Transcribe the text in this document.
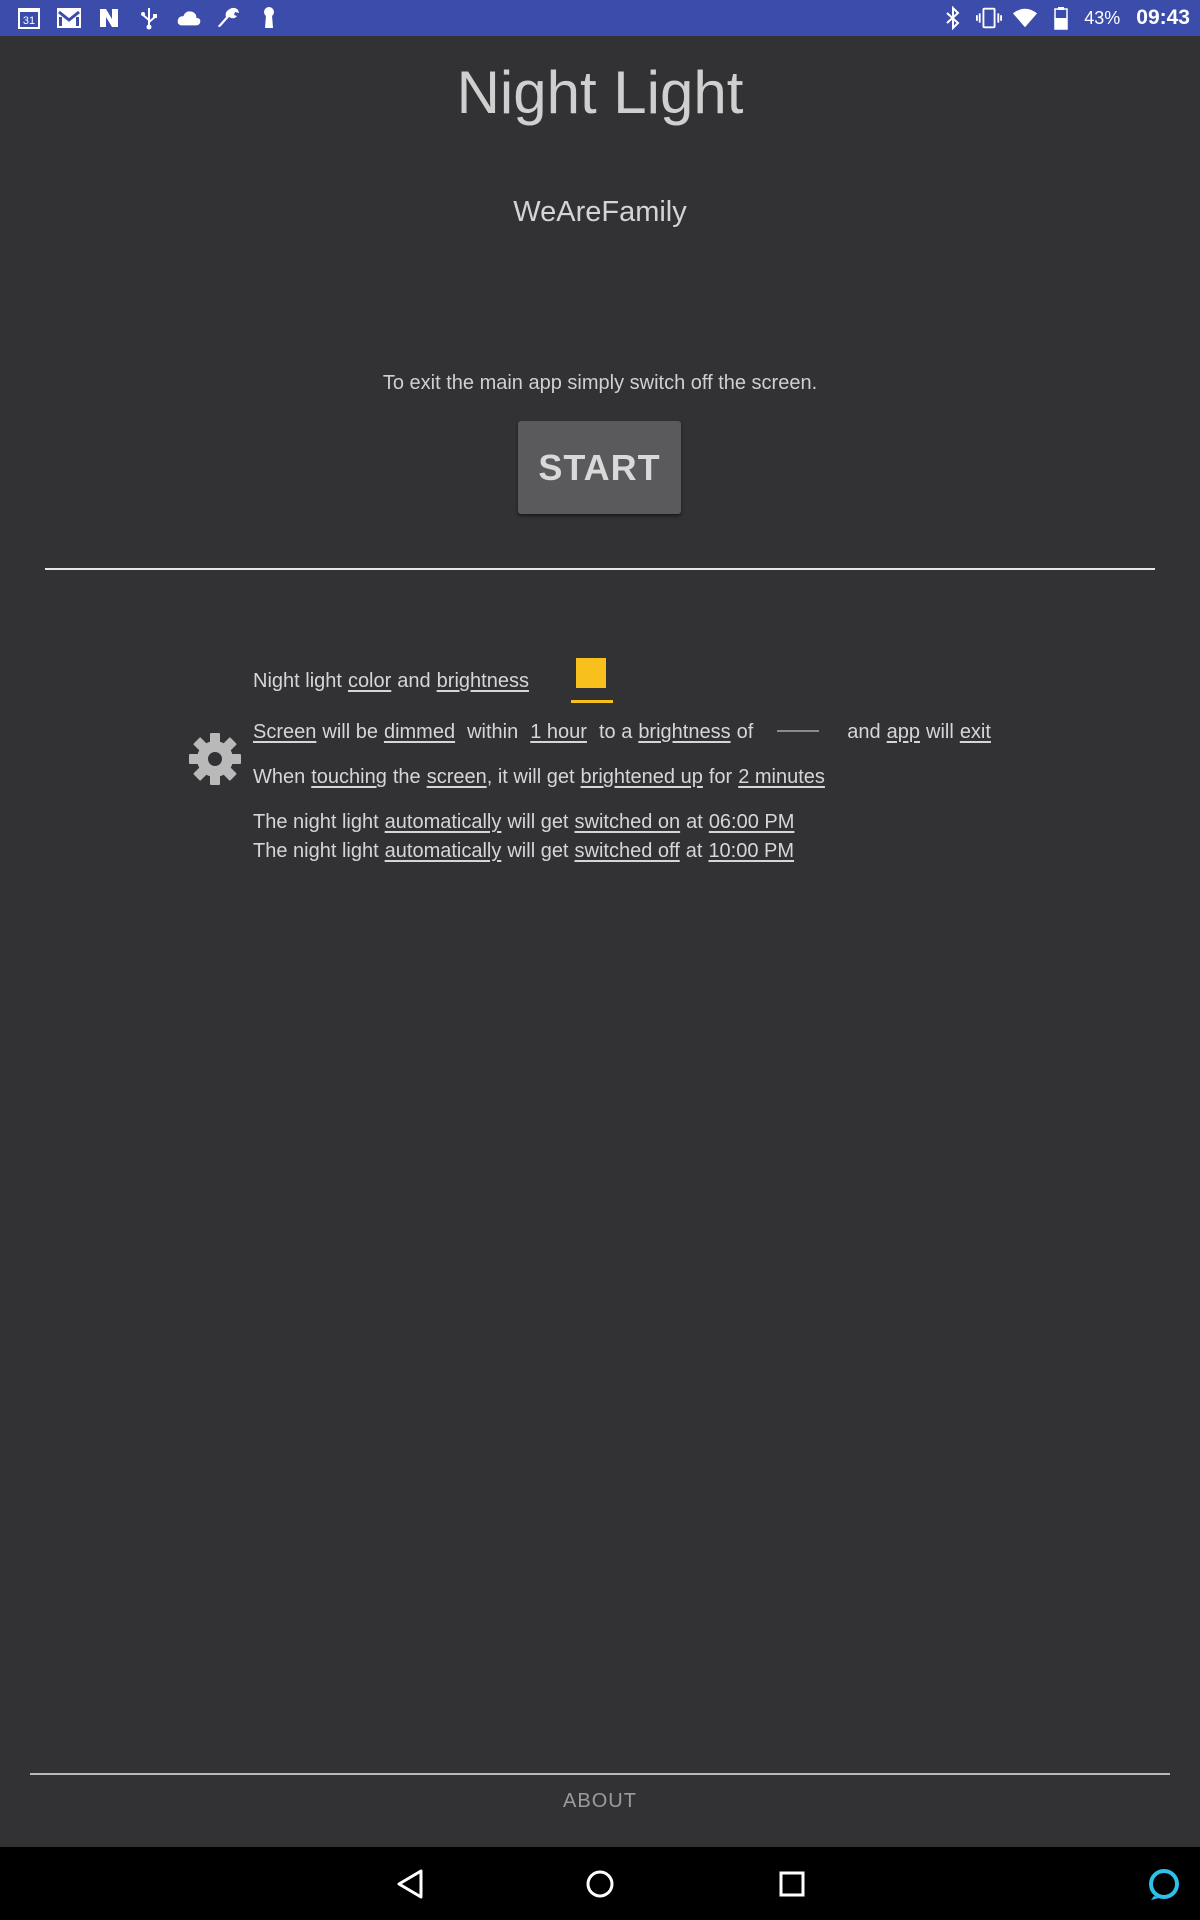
31	43% 09:43
Night Light
WeAreFamily
To exit the main app simply switch off the screen.
START
Night light color and brightness
Screen will be dimmed within 1 hour to a brightness of	and app will exit
When touching the screen , it will get brightened up for 2 minutes
The night light automatically will get switched on at 06:00 PM
The night light automatically will get switched off at 10:00 PM
ABOUT
